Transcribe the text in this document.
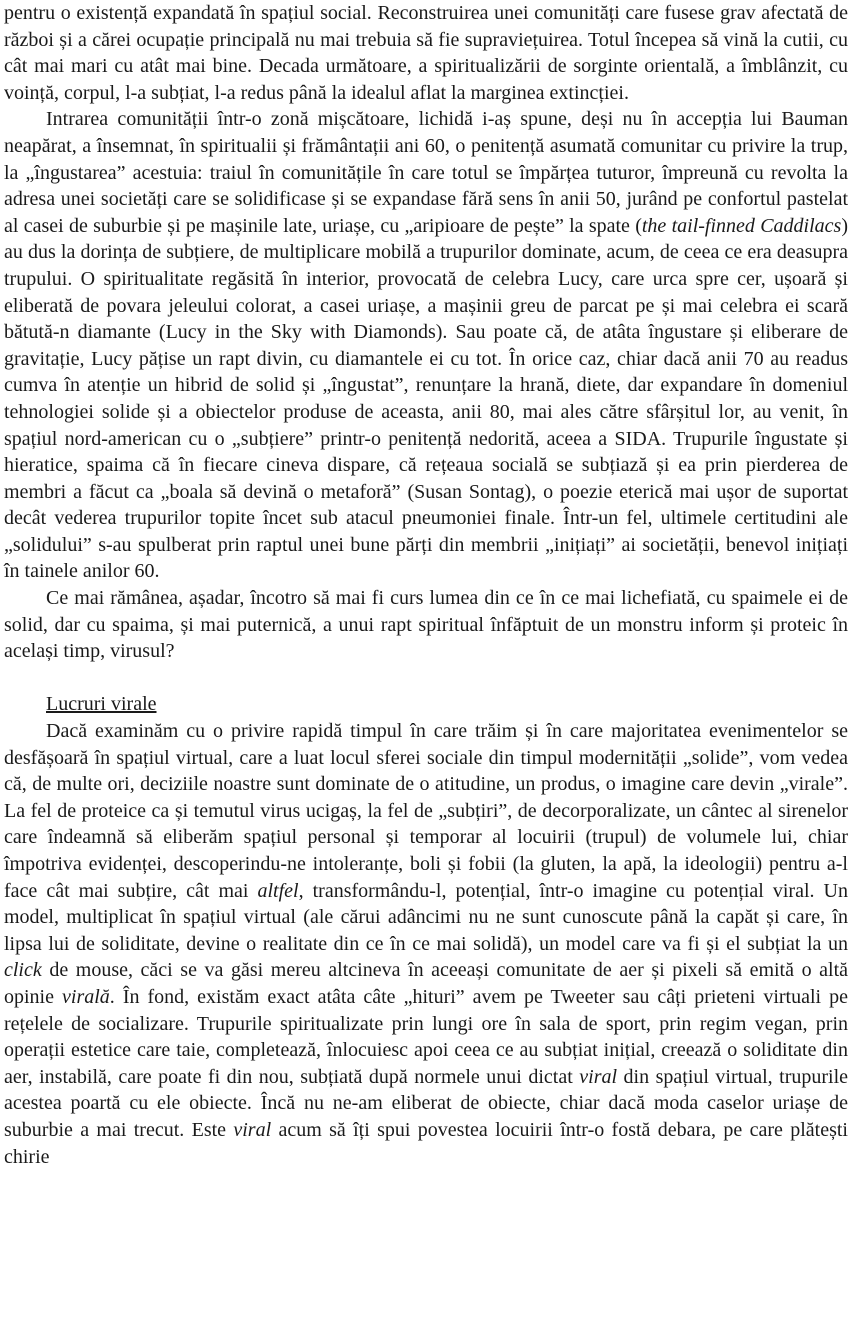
pentru o existență expandată în spațiul social. Reconstruirea unei comunități care fusese grav afectată de război și a cărei ocupație principală nu mai trebuia să fie supraviețuirea. Totul începea să vină la cutii, cu cât mai mari cu atât mai bine. Decada următoare, a spiritualizării de sorginte orientală, a îmblânzit, cu voință, corpul, l-a subțiat, l-a redus până la idealul aflat la marginea extincției.

Intrarea comunității într-o zonă mișcătoare, lichidă i-aș spune, deși nu în accepția lui Bauman neapărat, a însemnat, în spiritualii și frământații ani 60, o penitență asumată comunitar cu privire la trup, la „îngustarea” acestuia: traiul în comunitățile în care totul se împărțea tuturor, împreună cu revolta la adresa unei societăți care se solidificase și se expandase fără sens în anii 50, jurând pe confortul pastelat al casei de suburbie și pe mașinile late, uriașe, cu „aripioare de pește” la spate (the tail-finned Caddilacs) au dus la dorința de subțiere, de multiplicare mobilă a trupurilor dominate, acum, de ceea ce era deasupra trupului. O spiritualitate regăsită în interior, provocată de celebra Lucy, care urca spre cer, ușoară și eliberată de povara jeleului colorat, a casei uriașe, a mașinii greu de parcat pe și mai celebra ei scară bătută-n diamante (Lucy in the Sky with Diamonds). Sau poate că, de atâta îngustare și eliberare de gravitație, Lucy pățise un rapt divin, cu diamantele ei cu tot. În orice caz, chiar dacă anii 70 au readus cumva în atenție un hibrid de solid și „îngustat”, renunțare la hrană, diete, dar expandare în domeniul tehnologiei solide și a obiectelor produse de aceasta, anii 80, mai ales către sfârșitul lor, au venit, în spațiul nord-american cu o „subțiere” printr-o penitență nedorită, aceea a SIDA. Trupurile îngustate și hieratice, spaima că în fiecare cineva dispare, că rețeaua socială se subțiază și ea prin pierderea de membri a făcut ca „boala să devină o metaforă” (Susan Sontag), o poezie eterică mai ușor de suportat decât vederea trupurilor topite încet sub atacul pneumoniei finale. Într-un fel, ultimele certitudini ale „solidului” s-au spulberat prin raptul unei bune părți din membrii „inițiați” ai societății, benevol inițiați în tainele anilor 60.

Ce mai rămânea, așadar, încotro să mai fi curs lumea din ce în ce mai lichefiată, cu spaimele ei de solid, dar cu spaima, și mai puternică, a unui rapt spiritual înfăptuit de un monstru inform și proteic în același timp, virusul?

Lucruri virale

Dacă examinăm cu o privire rapidă timpul în care trăim și în care majoritatea evenimentelor se desfășoară în spațiul virtual, care a luat locul sferei sociale din timpul modernității „solide”, vom vedea că, de multe ori, deciziile noastre sunt dominate de o atitudine, un produs, o imagine care devin „virale”. La fel de proteice ca și temutul virus ucigaș, la fel de „subțiri”, de decorporalizate, un cântec al sirenelor care îndeamnă să eliberăm spațiul personal și temporar al locuirii (trupul) de volumele lui, chiar împotriva evidenței, descoperindu-ne intoleranțe, boli și fobii (la gluten, la apă, la ideologii) pentru a-l face cât mai subțire, cât mai altfel, transformându-l, potențial, într-o imagine cu potențial viral. Un model, multiplicat în spațiul virtual (ale cărui adâncimi nu ne sunt cunoscute până la capăt și care, în lipsa lui de soliditate, devine o realitate din ce în ce mai solidă), un model care va fi și el subțiat la un click de mouse, căci se va găsi mereu altcineva în aceeași comunitate de aer și pixeli să emită o altă opinie virală. În fond, existăm exact atâta câte „hituri” avem pe Tweeter sau câți prieteni virtuali pe rețelele de socializare. Trupurile spiritualizate prin lungi ore în sala de sport, prin regim vegan, prin operații estetice care taie, completează, înlocuiesc apoi ceea ce au subțiat inițial, creează o soliditate din aer, instabilă, care poate fi din nou, subțiată după normele unui dictat viral din spațiul virtual, trupurile acestea poartă cu ele obiecte. Încă nu ne-am eliberat de obiecte, chiar dacă moda caselor uriașe de suburbie a mai trecut. Este viral acum să îți spui povestea locuirii într-o fostă debara, pe care plătești chirie
